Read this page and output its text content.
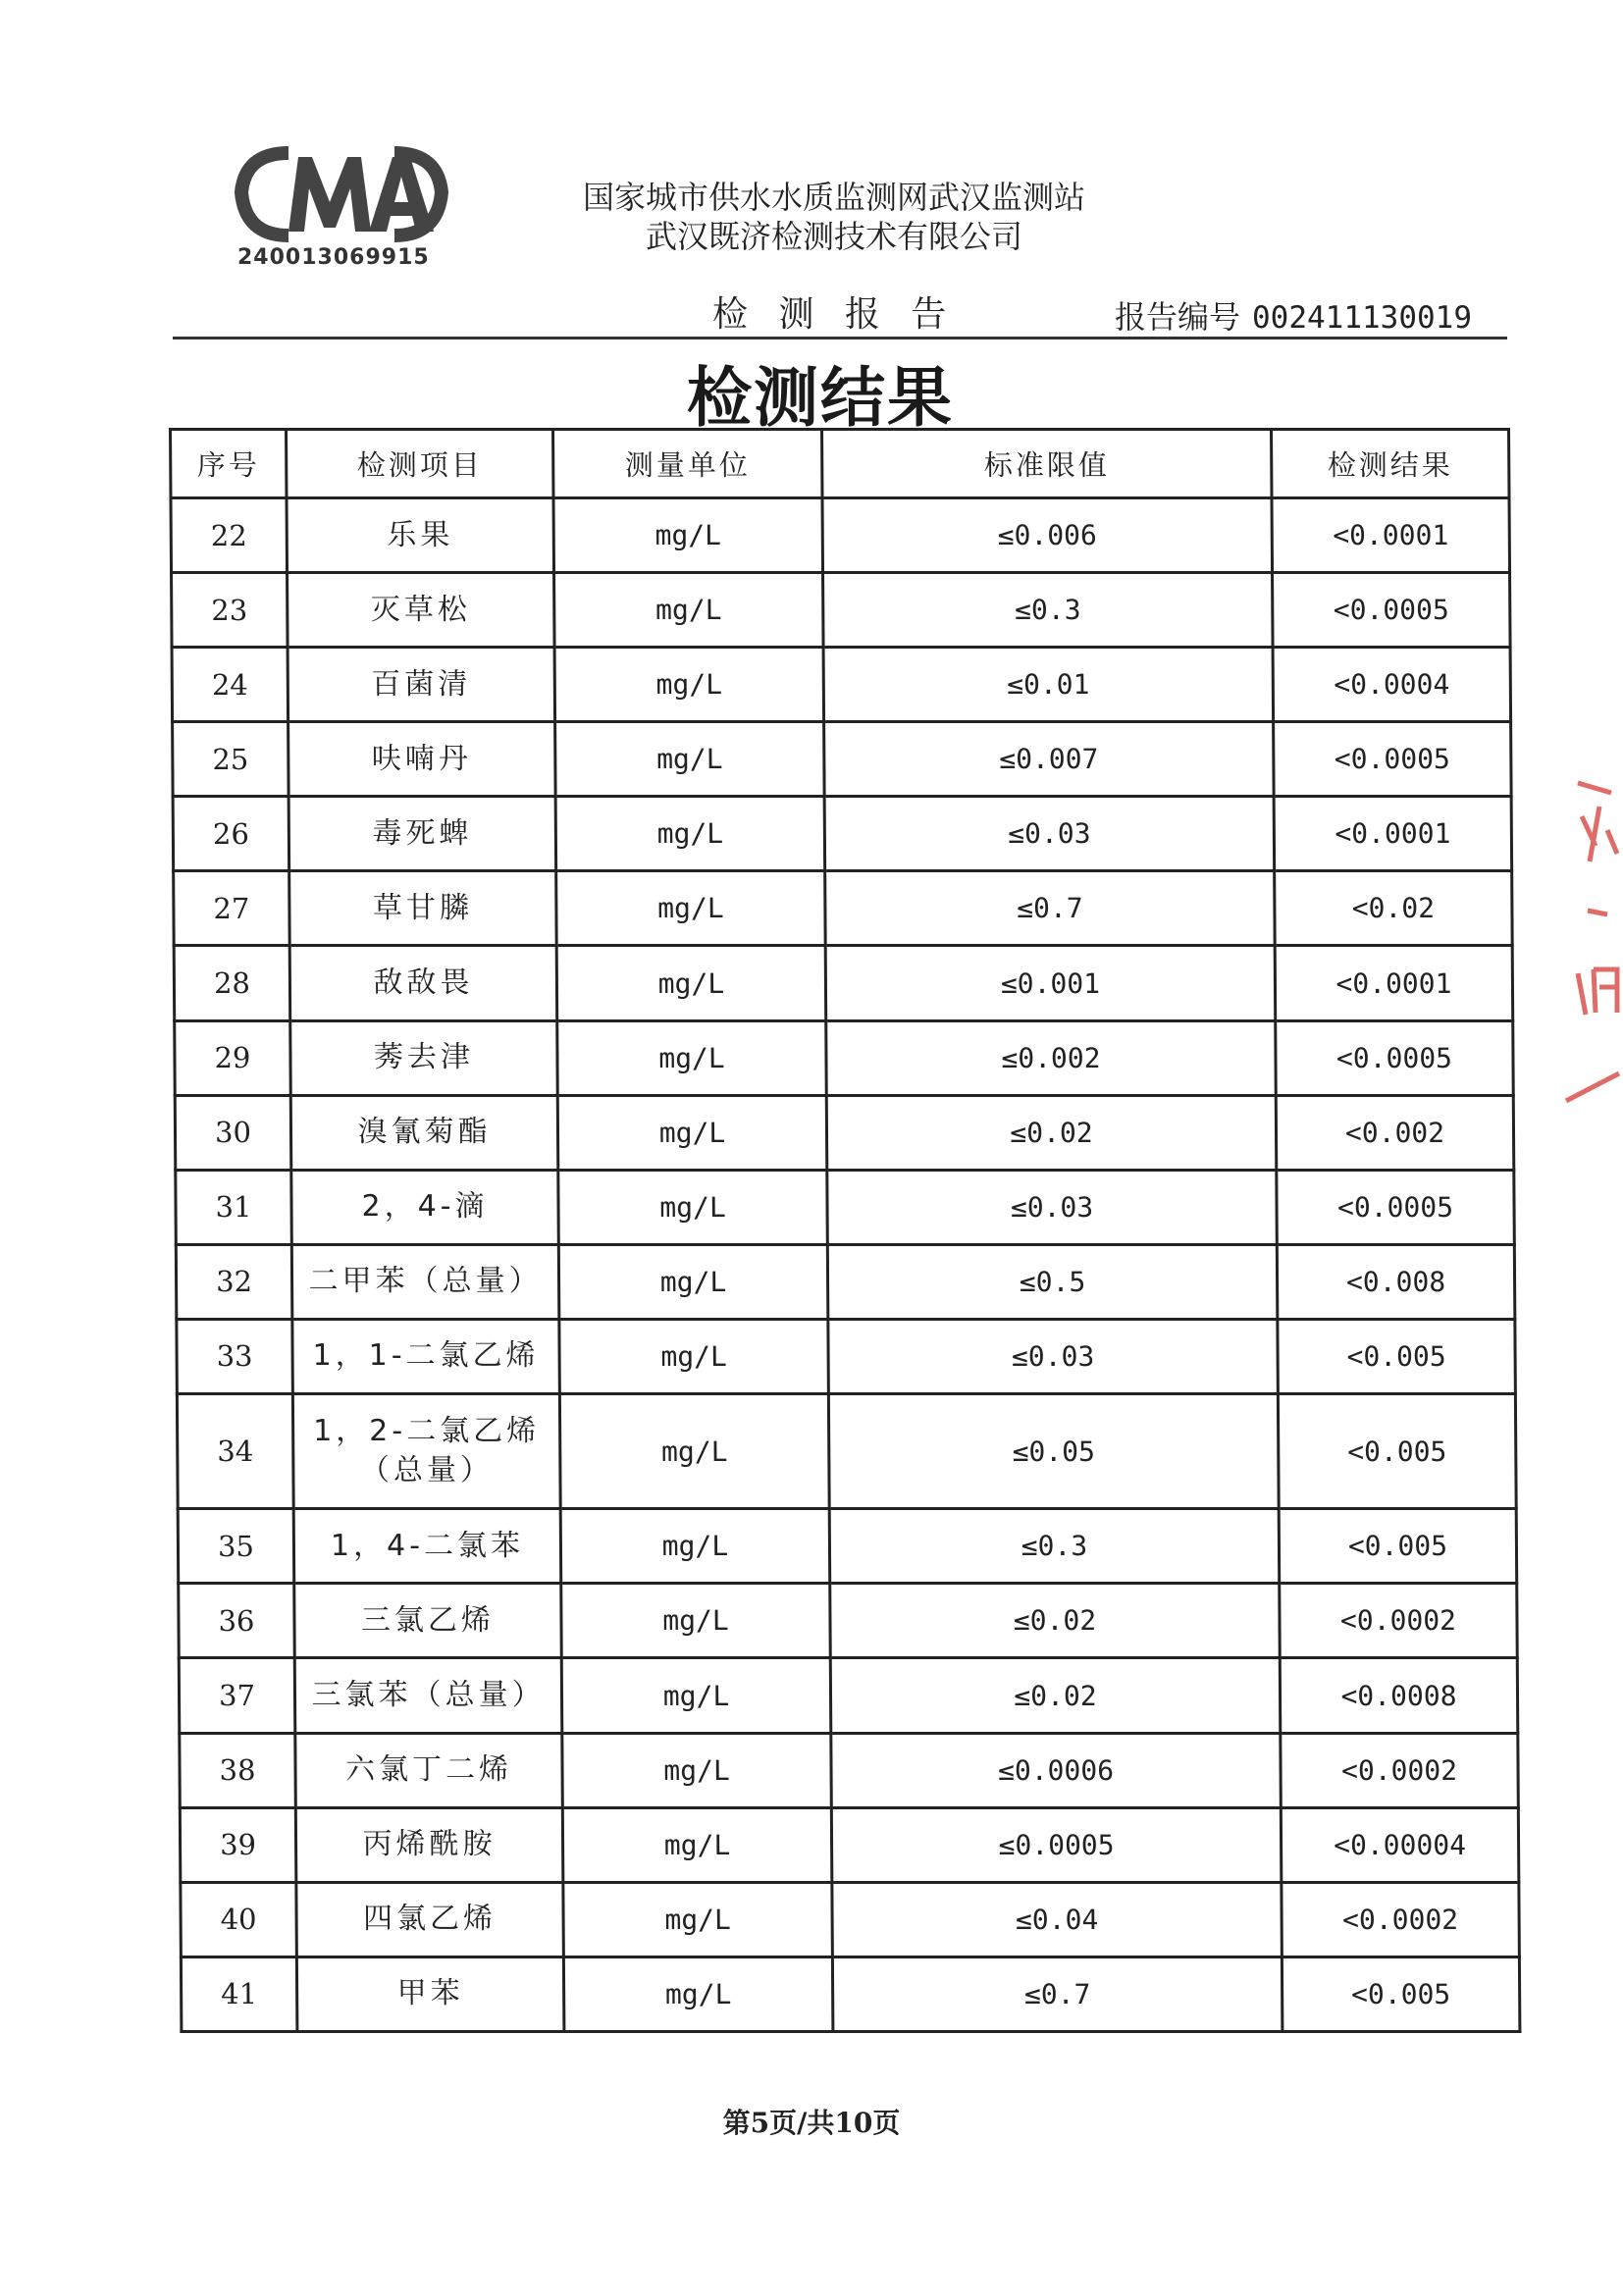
240013069915
国家城市供水水质监测网武汉监测站
武汉既济检测技术有限公司
检 测 报 告	报告编号 002411130019
检测结果
序号	检测项目	测量单位	标准限值	检测结果
22	乐果	mg/L	≤0.006	<0.0001
23	灭草松	mg/L	≤0.3	<0.0005
24	百菌清	mg/L	≤0.01	<0.0004
25	呋喃丹	mg/L	≤0.007	<0.0005
26	毒死蜱	mg/L	≤0.03	<0.0001
27	草甘膦	mg/L	≤0.7	<0.02
28	敌敌畏	mg/L	≤0.001	<0.0001
29	莠去津	mg/L	≤0.002	<0.0005
30	溴氰菊酯	mg/L	≤0.02	<0.002
31	2，4-滴	mg/L	≤0.03	<0.0005
32	二甲苯（总量）	mg/L	≤0.5	<0.008
33	1，1-二氯乙烯	mg/L	≤0.03	<0.005
34	1，2-二氯乙烯（总量）	mg/L	≤0.05	<0.005
35	1，4-二氯苯	mg/L	≤0.3	<0.005
36	三氯乙烯	mg/L	≤0.02	<0.0002
37	三氯苯（总量）	mg/L	≤0.02	<0.0008
38	六氯丁二烯	mg/L	≤0.0006	<0.0002
39	丙烯酰胺	mg/L	≤0.0005	<0.00004
40	四氯乙烯	mg/L	≤0.04	<0.0002
41	甲苯	mg/L	≤0.7	<0.005
第5页/共10页
